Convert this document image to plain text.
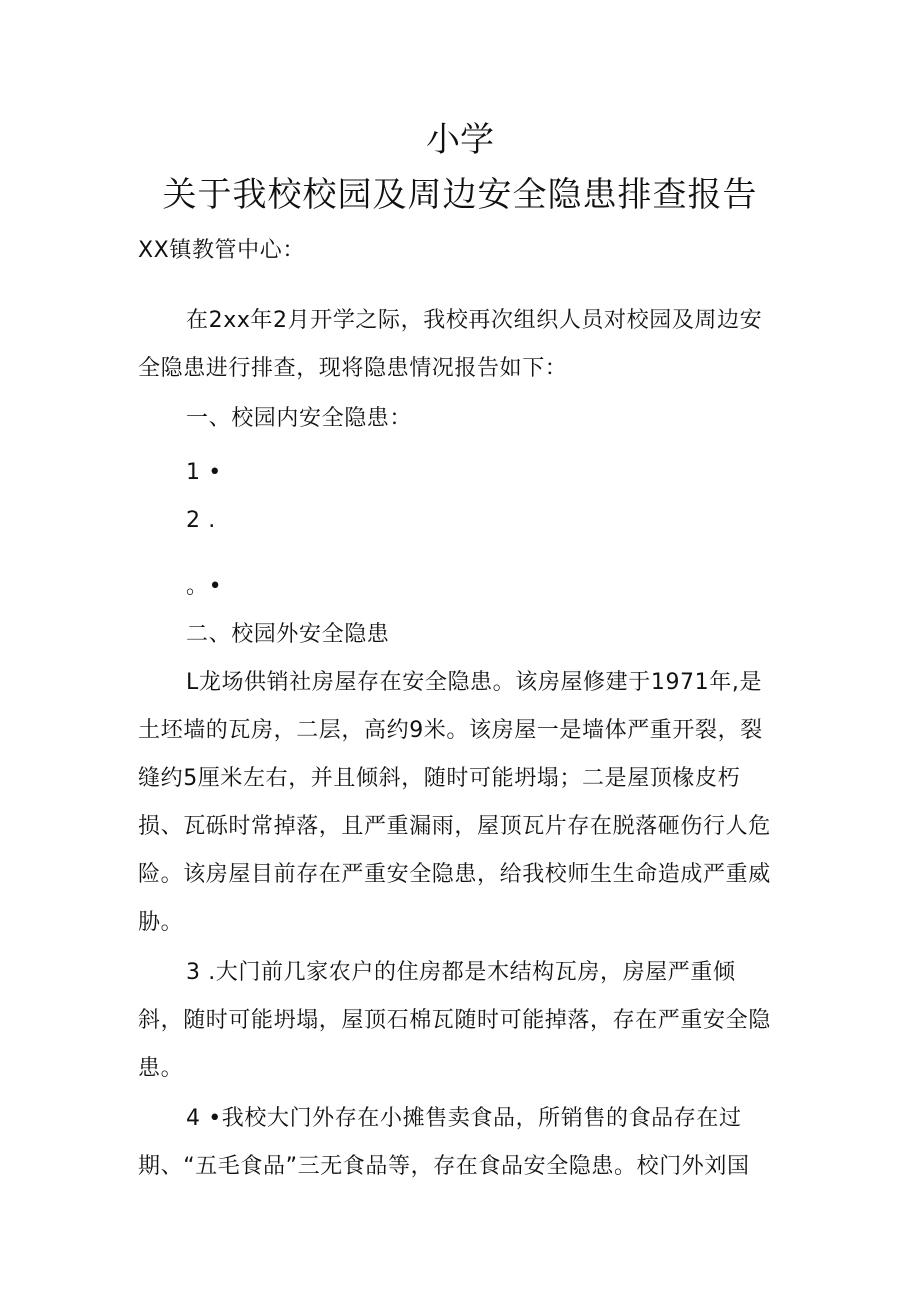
小学
关于我校校园及周边安全隐患排查报告
XX镇教管中心：
在2xx年2月开学之际，我校再次组织人员对校园及周边安
全隐患进行排查，现将隐患情况报告如下：
一、校园内安全隐患：
1 •
2 .
。•
二、校园外安全隐患
L龙场供销社房屋存在安全隐患。该房屋修建于1971年,是
土坯墙的瓦房，二层，高约9米。该房屋一是墙体严重开裂，裂
缝约5厘米左右，并且倾斜，随时可能坍塌；二是屋顶椽皮朽
损、瓦砾时常掉落，且严重漏雨，屋顶瓦片存在脱落砸伤行人危
险。该房屋目前存在严重安全隐患，给我校师生生命造成严重威
胁。
3 .大门前几家农户的住房都是木结构瓦房，房屋严重倾
斜，随时可能坍塌，屋顶石棉瓦随时可能掉落，存在严重安全隐
患。
4 •我校大门外存在小摊售卖食品，所销售的食品存在过
期、“五毛食品”三无食品等，存在食品安全隐患。校门外刘国
